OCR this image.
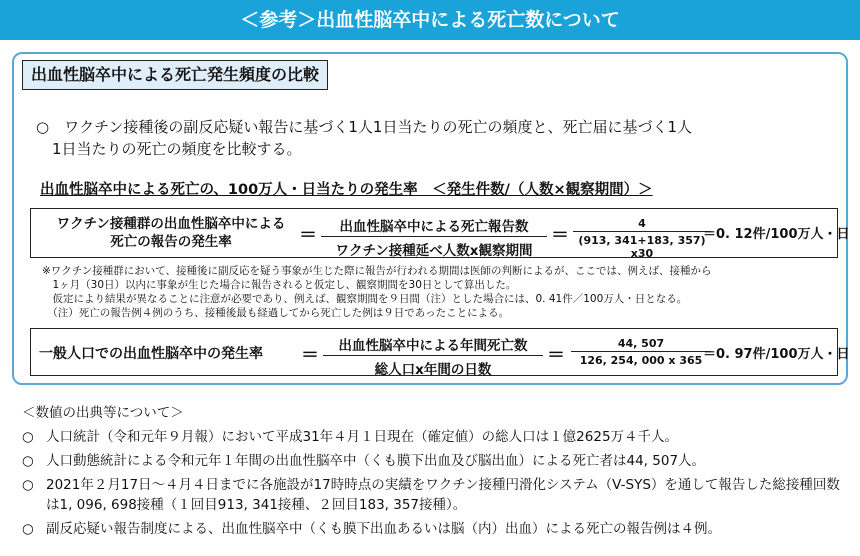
＜参考＞出血性脳卒中による死亡数について
出血性脳卒中による死亡発生頻度の比較
○　 ワクチン接種後の副反応疑い報告に基づく1人1日当たりの死亡の頻度と、死亡届に基づく1人
1日当たりの死亡の頻度を比較する。
出血性脳卒中による死亡の、100万人・日当たりの発生率　＜発生件数/（人数×観察期間）＞
ワクチン接種群の出血性脳卒中による
死亡の報告の発生率	＝	出血性脳卒中による死亡報告数
ワクチン接種延べ人数x観察期間
＝ $\frac{4}{(913, 341+183, 357) x30}$
＝0. 12件/100万人・日
※ワクチン接種群において、接種後に副反応を疑う事象が生じた際に報告が行われる期間は医師の判断によるが、ここでは、例えば、接種から
　1ヶ月（30日）以内に事象が生じた場合に報告されると仮定し、観察期間を30日として算出した。
　仮定により結果が異なることに注意が必要であり、例えば、観察期間を９日間（注）とした場合には、0. 41件／100万人・日となる。
　（注）死亡の報告例４例のうち、接種後最も経過してから死亡した例は９日であったことによる。
一般人口での出血性脳卒中の発生率 ＝	出血性脳卒中による年間死亡数
総人口x年間の日数
＝ $\frac{44, 507}{126, 254, 000 x 365}$
＝0. 97件/100万人・日
＜数値の出典等について＞
○ 人口統計（令和元年９月報）において平成31年４月１日現在（確定値）の総人口は１億2625万４千人。
○ 人口動態統計による令和元年１年間の出血性脳卒中（くも膜下出血及び脳出血）による死亡者は44, 507人。
○ 2021年２月17日～４月４日までに各施設が17時時点の実績をワクチン接種円滑化システム（V-SYS）を通して報告した総接種回数は1, 096, 698接種（１回目913, 341接種、２回目183, 357接種）。
○ 副反応疑い報告制度による、出血性脳卒中（くも膜下出血あるいは脳（内）出血）による死亡の報告例は４例。
